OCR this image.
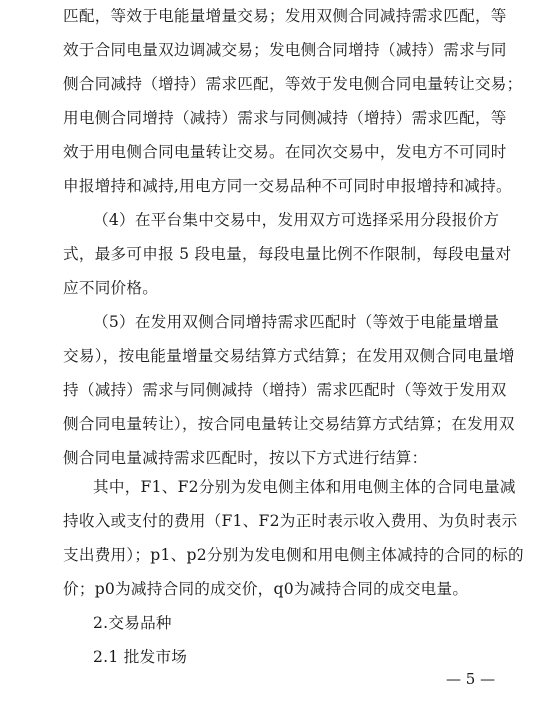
匹配，等效于电能量增量交易；发用双侧合同减持需求匹配，等
效于合同电量双边调减交易；发电侧合同增持（减持）需求与同
侧合同减持（增持）需求匹配，等效于发电侧合同电量转让交易；
用电侧合同增持（减持）需求与同侧减持（增持）需求匹配，等
效于用电侧合同电量转让交易。在同次交易中，发电方不可同时
申报增持和减持,用电方同一交易品种不可同时申报增持和减持。
（4）在平台集中交易中，发用双方可选择采用分段报价方
式，最多可申报 5 段电量，每段电量比例不作限制，每段电量对
应不同价格。
（5）在发用双侧合同增持需求匹配时（等效于电能量增量
交易），按电能量增量交易结算方式结算；在发用双侧合同电量增
持（减持）需求与同侧减持（增持）需求匹配时（等效于发用双
侧合同电量转让），按合同电量转让交易结算方式结算；在发用双
侧合同电量减持需求匹配时，按以下方式进行结算：
其中，F1、F2分别为发电侧主体和用电侧主体的合同电量减
持收入或支付的费用（F1、F2为正时表示收入费用、为负时表示
支出费用）；p1、p2分别为发电侧和用电侧主体减持的合同的标的
价；p0为减持合同的成交价，q0为减持合同的成交电量。
2.交易品种
2.1 批发市场
— 5 —
